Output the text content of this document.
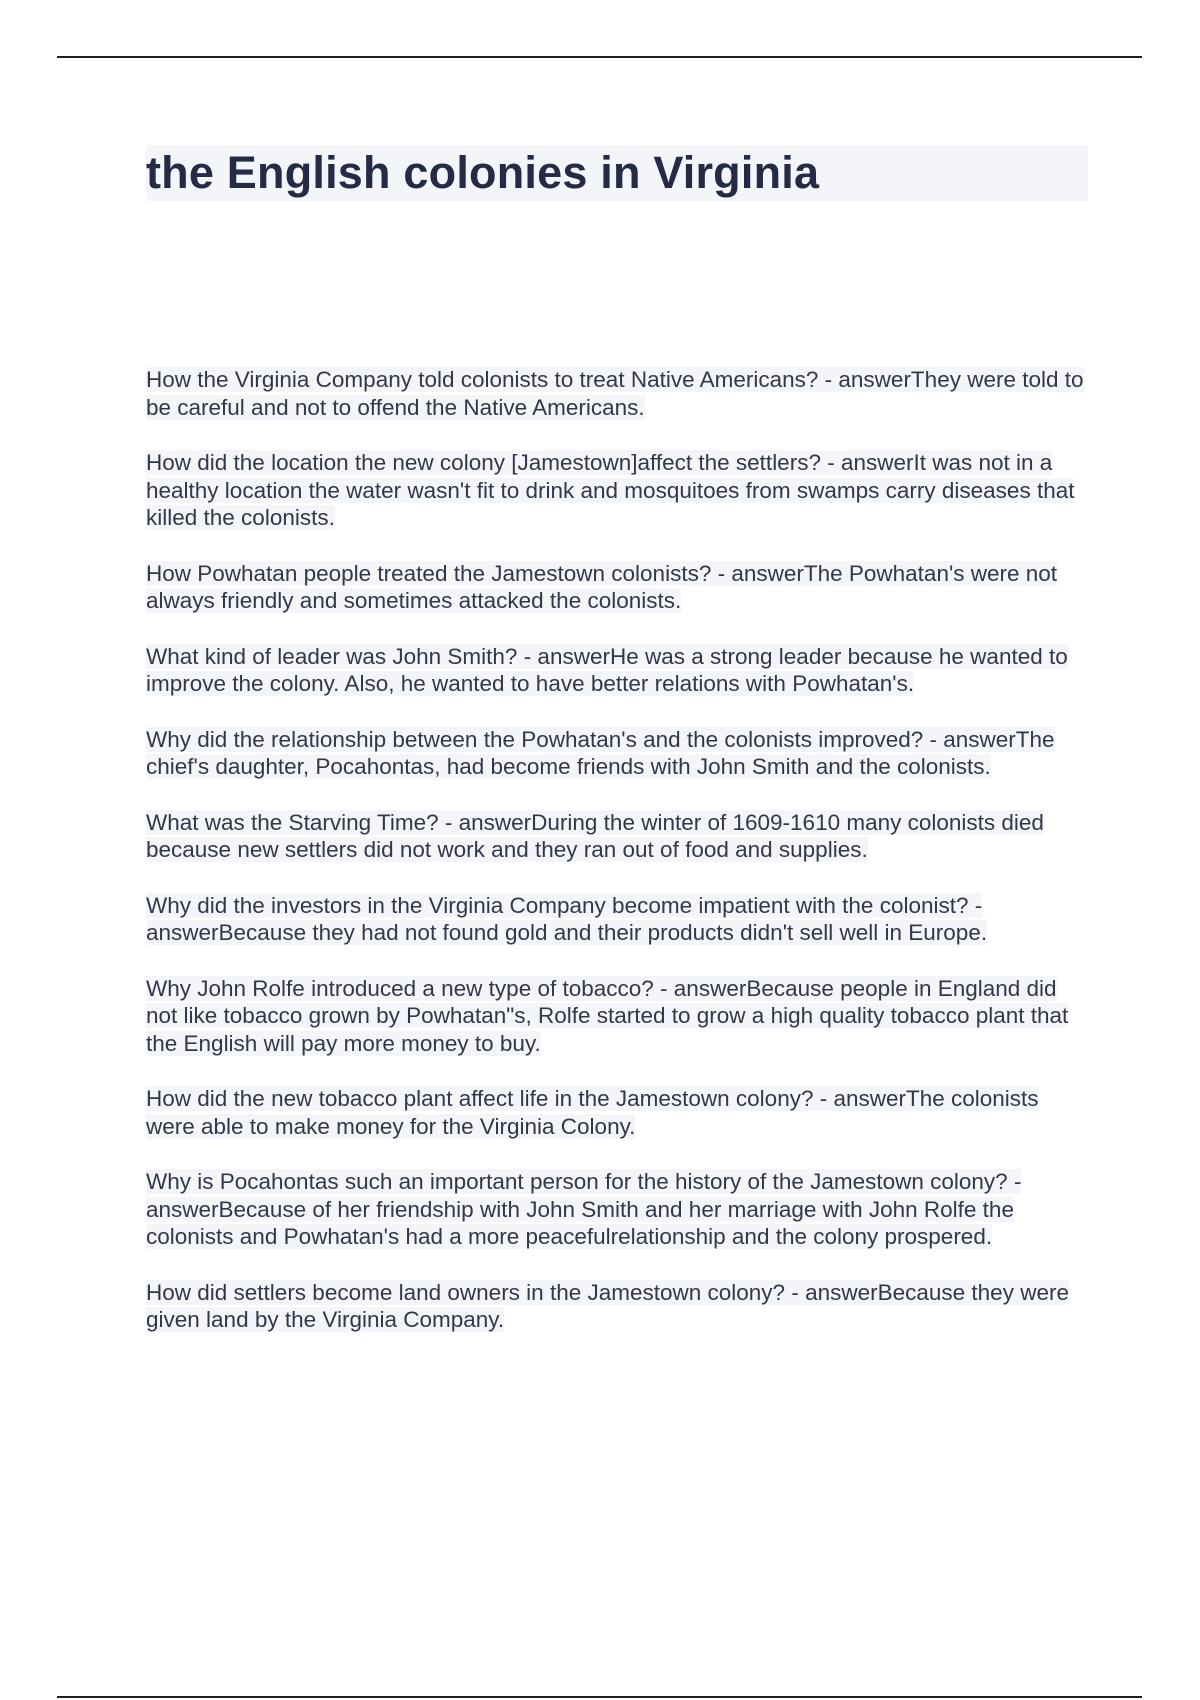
the English colonies in Virginia

How the Virginia Company told colonists to treat Native Americans? - answerThey were told to be careful and not to offend the Native Americans.

How did the location the new colony [Jamestown]affect the settlers? - answerIt was not in a healthy location the water wasn't fit to drink and mosquitoes from swamps carry diseases that killed the colonists.

How Powhatan people treated the Jamestown colonists? - answerThe Powhatan's were not always friendly and sometimes attacked the colonists.

What kind of leader was John Smith? - answerHe was a strong leader because he wanted to improve the colony. Also, he wanted to have better relations with Powhatan's.

Why did the relationship between the Powhatan's and the colonists improved? - answerThe chief's daughter, Pocahontas, had become friends with John Smith and the colonists.

What was the Starving Time? - answerDuring the winter of 1609-1610 many colonists died because new settlers did not work and they ran out of food and supplies.

Why did the investors in the Virginia Company become impatient with the colonist? - answerBecause they had not found gold and their products didn't sell well in Europe.

Why John Rolfe introduced a new type of tobacco? - answerBecause people in England did not like tobacco grown by Powhatan"s, Rolfe started to grow a high quality tobacco plant that the English will pay more money to buy.

How did the new tobacco plant affect life in the Jamestown colony? - answerThe colonists were able to make money for the Virginia Colony.

Why is Pocahontas such an important person for the history of the Jamestown colony? - answerBecause of her friendship with John Smith and her marriage with John Rolfe the colonists and Powhatan's had a more peacefulrelationship and the colony prospered.

How did settlers become land owners in the Jamestown colony? - answerBecause they were given land by the Virginia Company.
